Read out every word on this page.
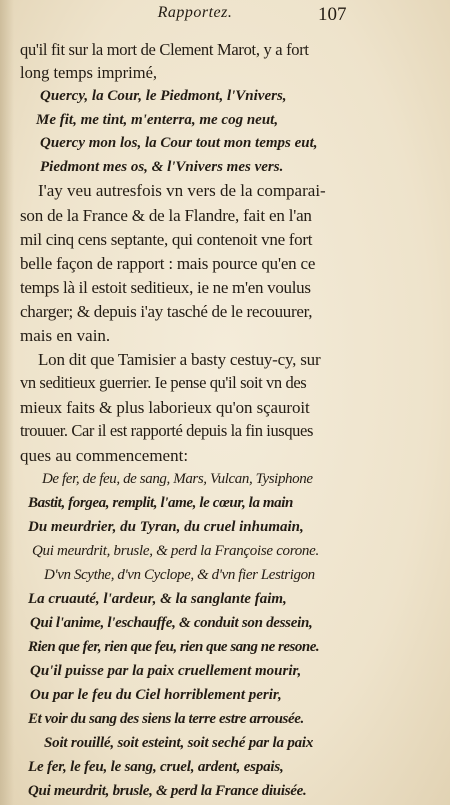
Rapportez.	107
qu'il fit sur la mort de Clement Marot, y a fort
long temps imprimé,
Quercy, la Cour, le Piedmont, l'Vnivers,
Me fit, me tint, m'enterra, me cog neut,
Quercy mon los, la Cour tout mon temps eut,
Piedmont mes os, & l'Vnivers mes vers.
I'ay veu autresfois vn vers de la comparai-
son de la France & de la Flandre, fait en l'an
mil cinq cens septante, qui contenoit vne fort
belle façon de rapport : mais pource qu'en ce
temps là il estoit seditieux, ie ne m'en voulus
charger; & depuis i'ay tasché de le recouurer,
mais en vain.
Lon dit que Tamisier a basty cestuy-cy, sur
vn seditieux guerrier. Ie pense qu'il soit vn des
mieux faits & plus laborieux qu'on sçauroit
trouuer. Car il est rapporté depuis la fin iusques
ques au commencement:
De fer, de feu, de sang, Mars, Vulcan, Tysiphone
Bastit, forgea, remplit, l'ame, le cœur, la main
Du meurdrier, du Tyran, du cruel inhumain,
Qui meurdrit, brusle, & perd la Françoise corone.
D'vn Scythe, d'vn Cyclope, & d'vn fier Lestrigon
La cruauté, l'ardeur, & la sanglante faim,
Qui l'anime, l'eschauffe, & conduit son dessein,
Rien que fer, rien que feu, rien que sang ne resone.
Qu'il puisse par la paix cruellement mourir,
Ou par le feu du Ciel horriblement perir,
Et voir du sang des siens la terre estre arrousée.
Soit rouillé, soit esteint, soit seché par la paix
Le fer, le feu, le sang, cruel, ardent, espais,
Qui meurdrit, brusle, & perd la France diuisée.
